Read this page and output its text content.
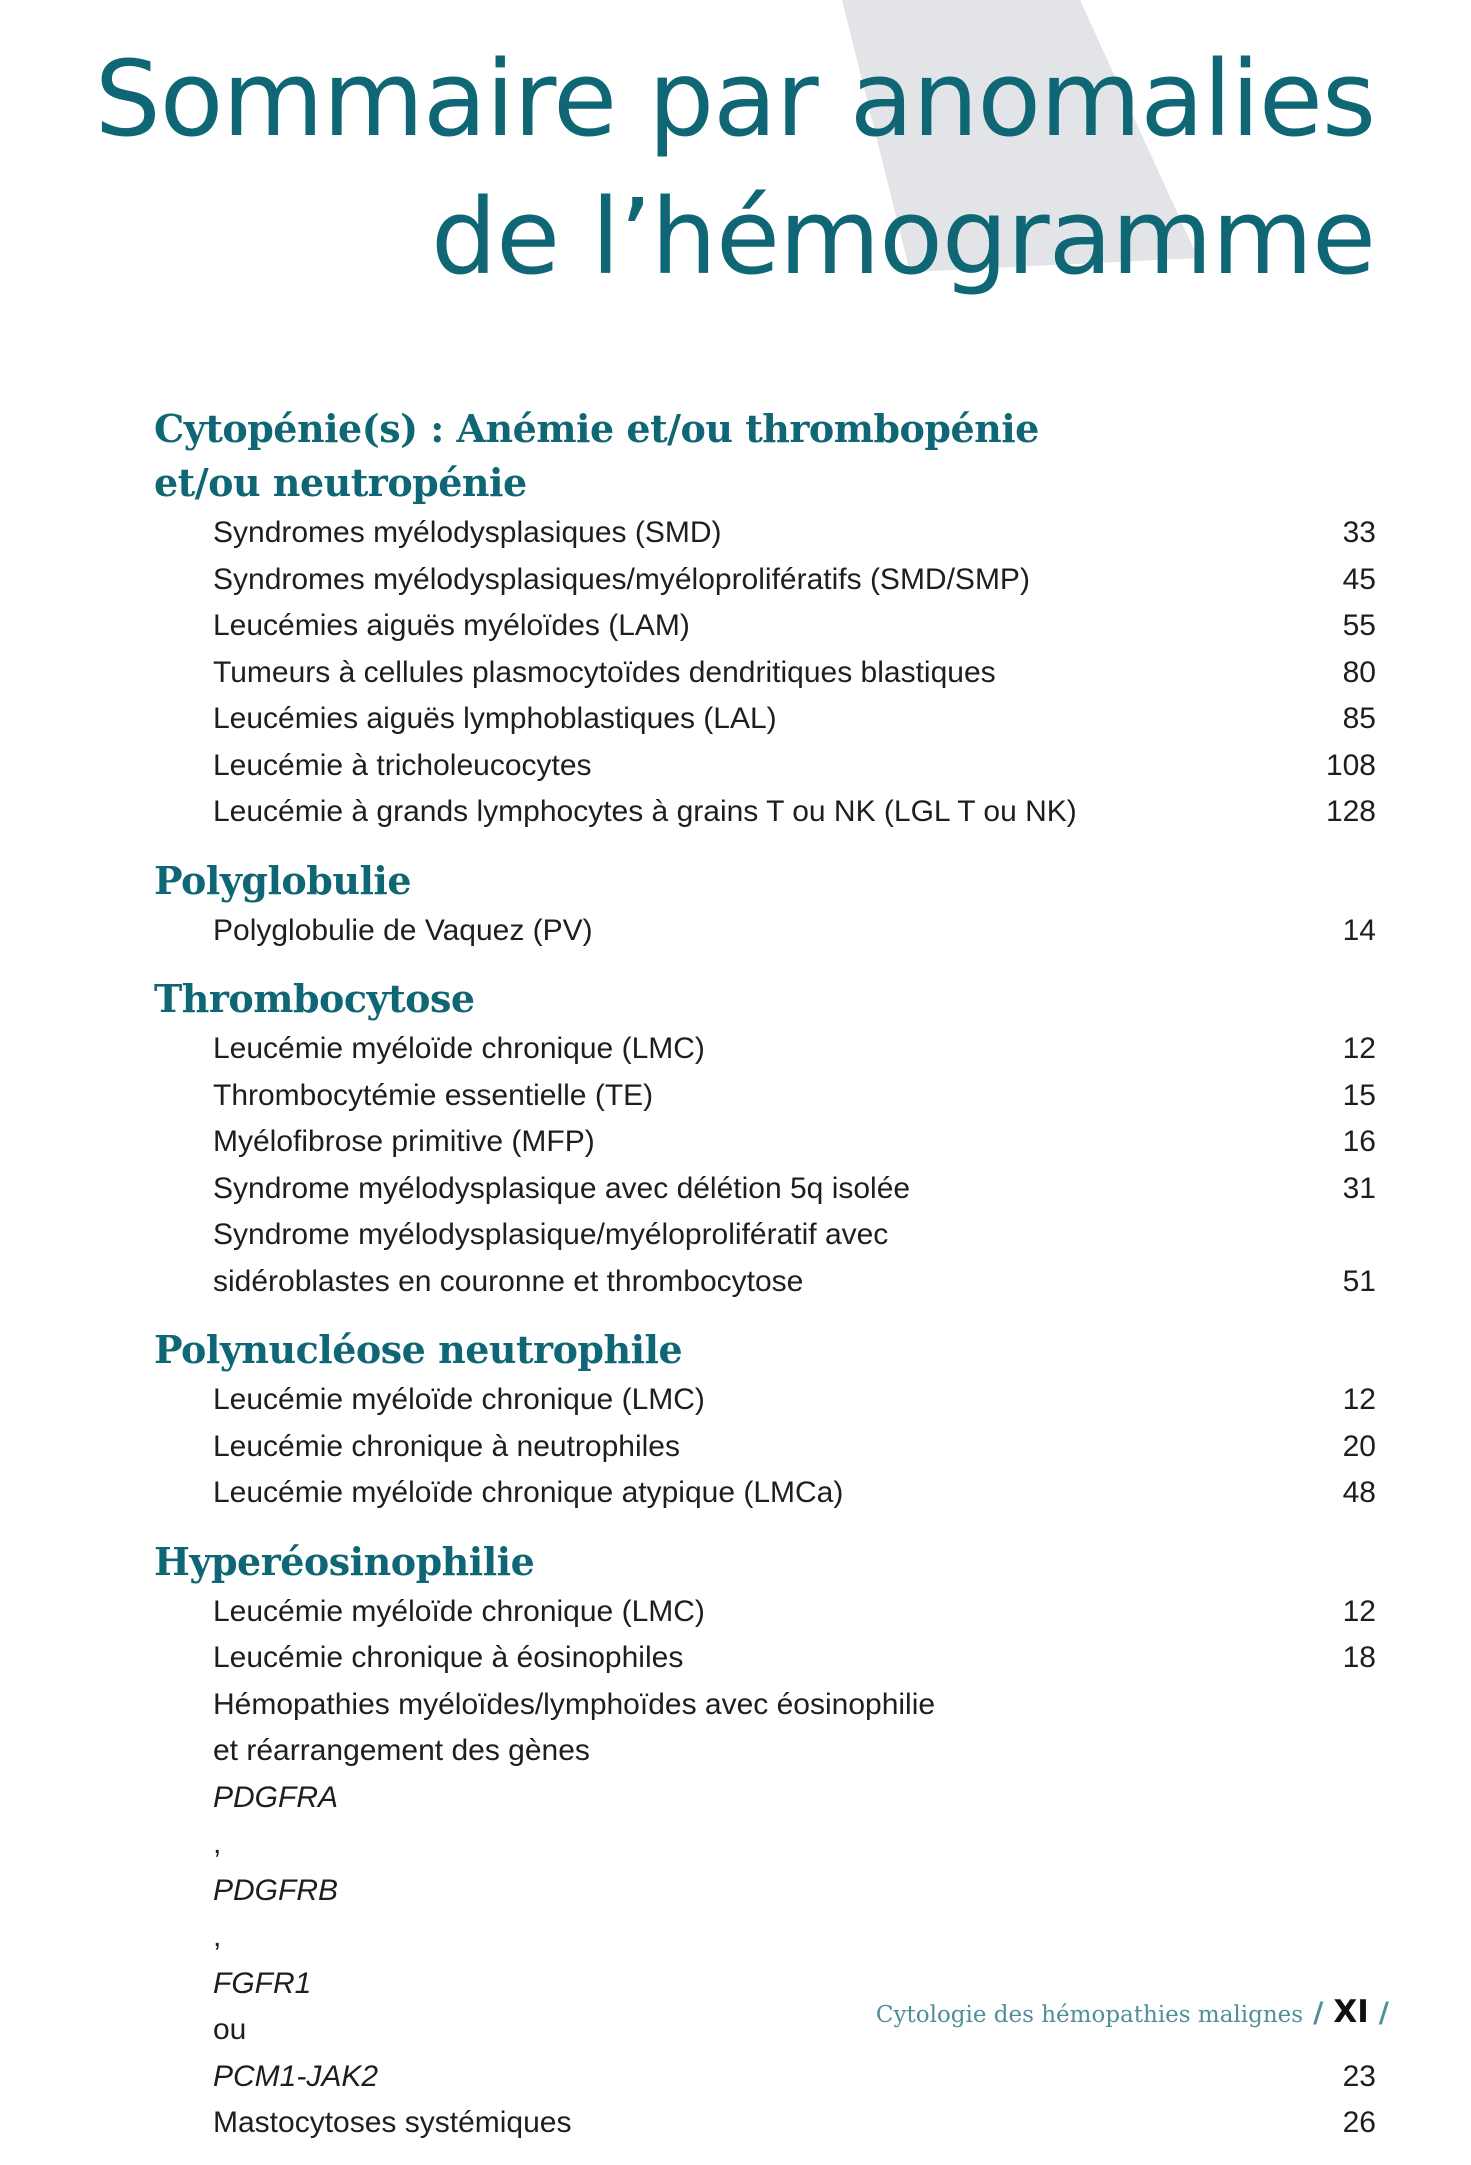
Sommaire par anomalies
de l’hémogramme
Cytopénie(s) : Anémie et/ou thrombopénie
et/ou neutropénie
Syndromes myélodysplasiques (SMD)	33
Syndromes myélodysplasiques/myéloprolifératifs (SMD/SMP)	45
Leucémies aiguës myéloïdes (LAM)	55
Tumeurs à cellules plasmocytoïdes dendritiques blastiques	80
Leucémies aiguës lymphoblastiques (LAL)	85
Leucémie à tricholeucocytes	108
Leucémie à grands lymphocytes à grains T ou NK (LGL T ou NK)	128
Polyglobulie
Polyglobulie de Vaquez (PV)	14
Thrombocytose
Leucémie myéloïde chronique (LMC)	12
Thrombocytémie essentielle (TE)	15
Myélofibrose primitive (MFP)	16
Syndrome myélodysplasique avec délétion 5q isolée	31
Syndrome myélodysplasique/myéloprolifératif avec
sidéroblastes en couronne et thrombocytose	51
Polynucléose neutrophile
Leucémie myéloïde chronique (LMC)	12
Leucémie chronique à neutrophiles	20
Leucémie myéloïde chronique atypique (LMCa)	48
Hyperéosinophilie
Leucémie myéloïde chronique (LMC)	12
Leucémie chronique à éosinophiles	18
Hémopathies myéloïdes/lymphoïdes avec éosinophilie
et réarrangement des gènes
PDGFRA
,
PDGFRB
,
FGFR1
ou
PCM1-JAK2	23
Mastocytoses systémiques	26
Cytologie des hémopathies malignes / XI /
